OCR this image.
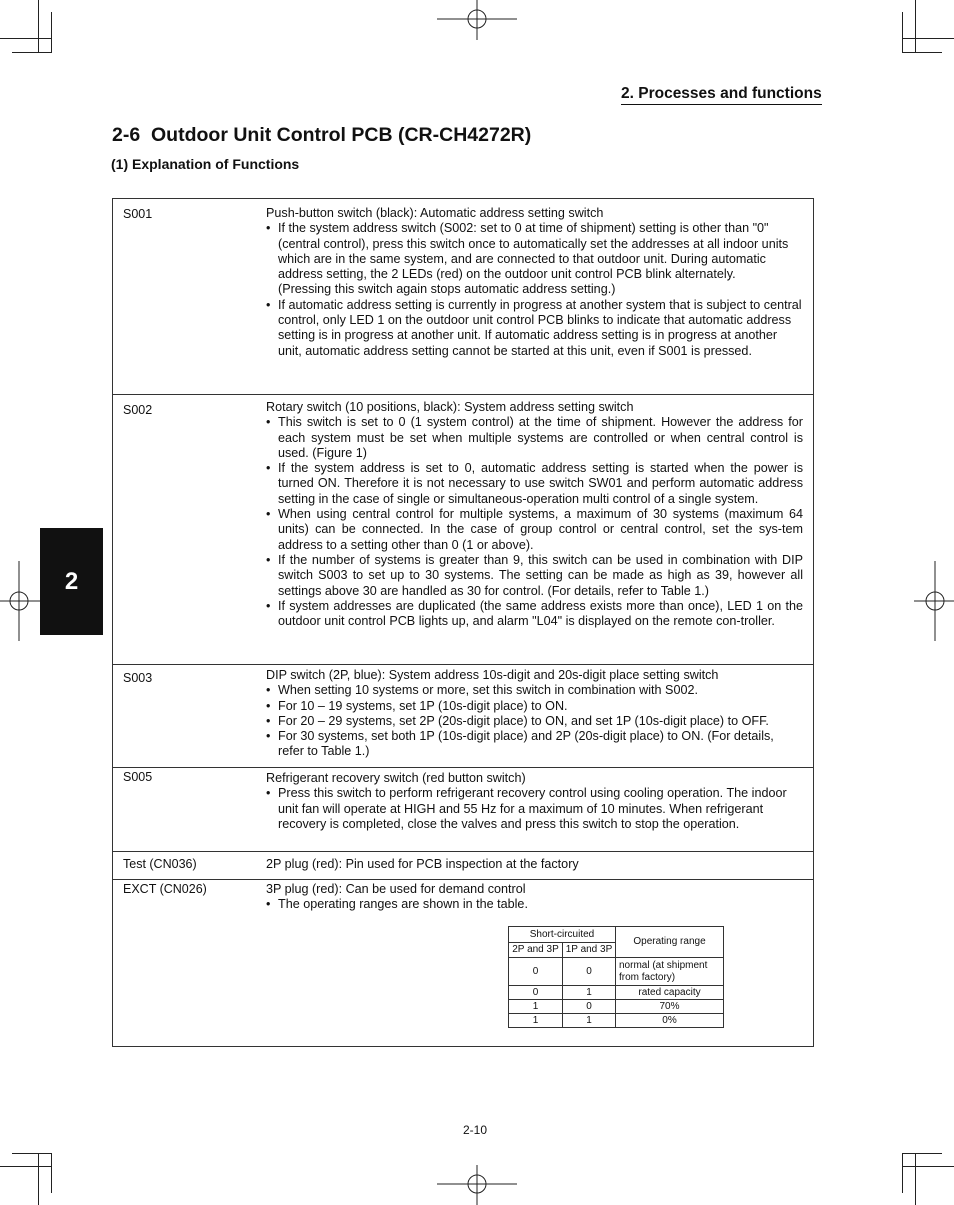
2. Processes and functions
2-6  Outdoor Unit Control PCB (CR-CH4272R)
(1) Explanation of Functions
2
S001	Push-button switch (black): Automatic address setting switch

• If the system address switch (S002: set to 0 at time of shipment) setting is other than "0" (central control), press this switch once to automatically set the addresses at all indoor units which are in the same system, and are connected to that outdoor unit. During automatic address setting, the 2 LEDs (red) on the outdoor unit control PCB blink alternately.
(Pressing this switch again stops automatic address setting.)
• If automatic address setting is currently in progress at another system that is subject to central control, only LED 1 on the outdoor unit control PCB blinks to indicate that automatic address setting is in progress at another unit. If automatic address setting is in progress at another unit, automatic address setting cannot be started at this unit, even if S001 is pressed.
S002	Rotary switch (10 positions, black): System address setting switch

• This switch is set to 0 (1 system control) at the time of shipment. However the address for each system must be set when multiple systems are controlled or when central control is used. (Figure 1)
• If the system address is set to 0, automatic address setting is started when the power is turned ON. Therefore it is not necessary to use switch SW01 and perform automatic address setting in the case of single or simultaneous-operation multi control of a single system.
• When using central control for multiple systems, a maximum of 30 systems (maximum 64 units) can be connected. In the case of group control or central control, set the sys-tem address to a setting other than 0 (1 or above).
• If the number of systems is greater than 9, this switch can be used in combination with DIP switch S003 to set up to 30 systems. The setting can be made as high as 39, however all settings above 30 are handled as 30 for control. (For details, refer to Table 1.)
• If system addresses are duplicated (the same address exists more than once), LED 1 on the outdoor unit control PCB lights up, and alarm "L04" is displayed on the remote con-troller.
S003	DIP switch (2P, blue): System address 10s-digit and 20s-digit place setting switch

• When setting 10 systems or more, set this switch in combination with S002.
• For 10 – 19 systems, set 1P (10s-digit place) to ON.
• For 20 – 29 systems, set 2P (20s-digit place) to ON, and set 1P (10s-digit place) to OFF.
• For 30 systems, set both 1P (10s-digit place) and 2P (20s-digit place) to ON. (For details, refer to Table 1.)
S005	Refrigerant recovery switch (red button switch)

• Press this switch to perform refrigerant recovery control using cooling operation. The indoor unit fan will operate at HIGH and 55 Hz for a maximum of 10 minutes. When refrigerant recovery is completed, close the valves and press this switch to stop the operation.
Test (CN036)	2P plug (red): Pin used for PCB inspection at the factory

EXCT (CN026)	3P plug (red): Can be used for demand control

• The operating ranges are shown in the table.
Short-circuited		Operating range
2P and 3P	1P and 3P	
0	0	normal (at shipment from factory)
0	1	rated capacity
1	0	70%
1	1	0%
2-10
